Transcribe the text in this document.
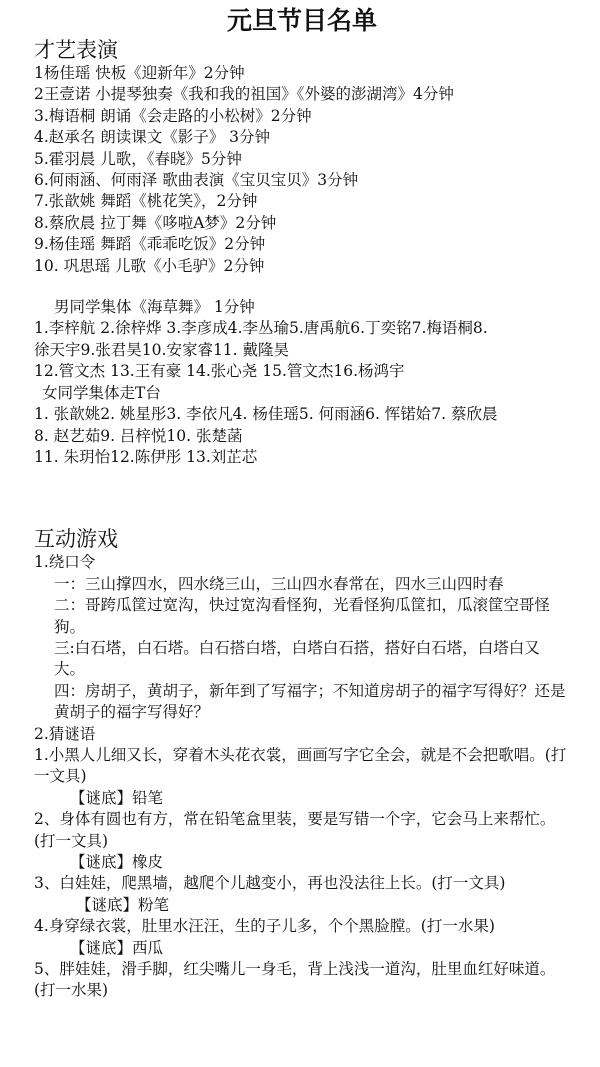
元旦节目名单
才艺表演
1杨佳瑶 快板《迎新年》2分钟
2王壹诺 小提琴独奏《我和我的祖国》《外婆的澎湖湾》4分钟
3.梅语桐 朗诵《会走路的小松树》2分钟
4.赵承名 朗读课文《影子》 3分钟
5.霍羽晨 儿歌，《春晓》5分钟
6.何雨涵、何雨泽 歌曲表演《宝贝宝贝》3分钟
7.张歆姚 舞蹈《桃花笑》，2分钟
8.蔡欣晨 拉丁舞《哆啦A梦》2分钟
9.杨佳瑶 舞蹈《乖乖吃饭》2分钟
10. 巩思瑶 儿歌《小毛驴》2分钟
男同学集体《海草舞》 1分钟
1.李梓航 2.徐梓烨 3.李彦成4.李丛瑜5.唐禹航6.丁奕铭7.梅语桐8.
徐天宇9.张君昊10.安家睿11. 戴隆昊
12.管文杰 13.王有豪 14.张心尧 15.管文杰16.杨鸿宇
女同学集体走T台
1. 张歆姚2. 姚星彤3. 李依凡4. 杨佳瑶5. 何雨涵6. 恽锘姶7. 蔡欣晨
8. 赵艺茹9. 吕梓悦10. 张楚菡
11. 朱玥怡12.陈伊彤 13.刘芷芯
互动游戏
1.绕口令
一：三山撑四水，四水绕三山，三山四水春常在，四水三山四时春
二：哥跨瓜筐过宽沟，快过宽沟看怪狗，光看怪狗瓜筐扣，瓜滚筐空哥怪狗。
三:白石塔，白石塔。白石搭白塔，白塔白石搭，搭好白石塔，白塔白又大。
四：房胡子，黄胡子，新年到了写福字；不知道房胡子的福字写得好？还是黄胡子的福字写得好？
2.猜谜语
1.小黑人儿细又长，穿着木头花衣裳，画画写字它全会，就是不会把歌唱。(打一文具)
【谜底】铅笔
2、身体有圆也有方，常在铅笔盒里装，要是写错一个字，它会马上来帮忙。(打一文具)
【谜底】橡皮
3、白娃娃，爬黑墙，越爬个儿越变小，再也没法往上长。(打一文具)
【谜底】粉笔
4.身穿绿衣裳，肚里水汪汪，生的子儿多，个个黑脸膛。(打一水果)
【谜底】西瓜
5、胖娃娃，滑手脚，红尖嘴儿一身毛，背上浅浅一道沟，肚里血红好味道。(打一水果)
